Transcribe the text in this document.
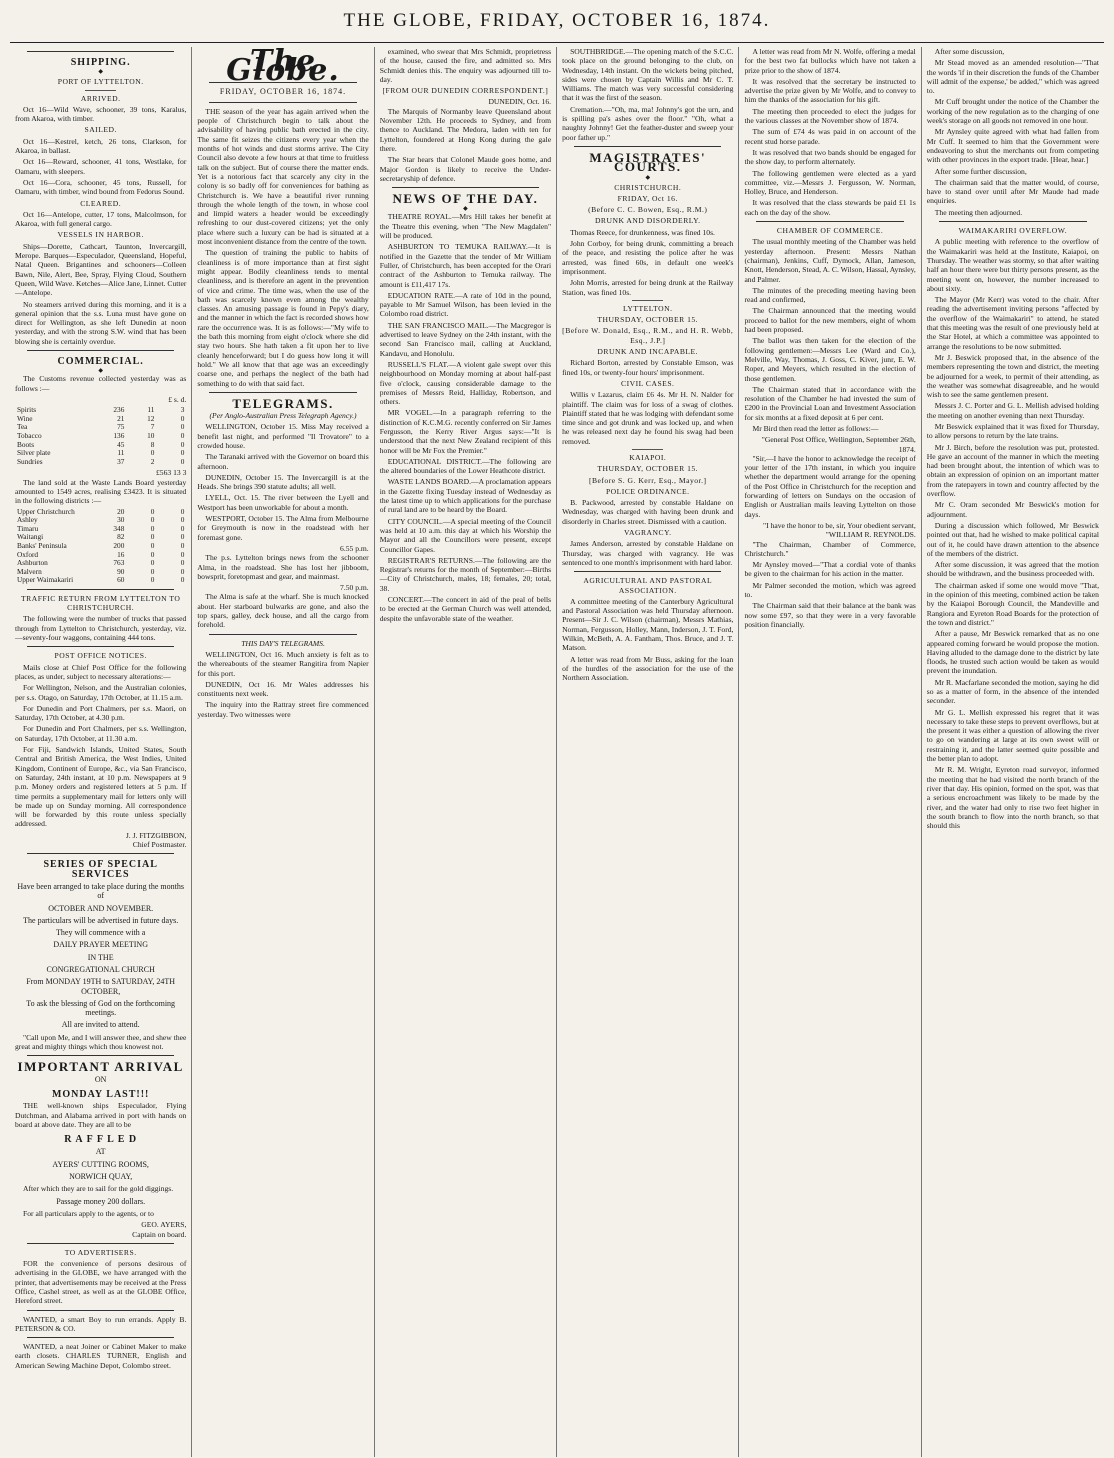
THE GLOBE, FRIDAY, OCTOBER 16, 1874.
SHIPPING.
◆
PORT OF LYTTELTON.
ARRIVED.

Oct 16—Wild Wave, schooner, 39 tons, Karalus, from Akaroa, with timber.

SAILED.

Oct 16—Kestrel, ketch, 26 tons, Clarkson, for Akaroa, in ballast.

Oct 16—Reward, schooner, 41 tons, Westlake, for Oamaru, with sleepers.

Oct 16—Cora, schooner, 45 tons, Russell, for Oamaru, with timber, wind bound from Fedorus Sound.

CLEARED.

Oct 16—Antelope, cutter, 17 tons, Malcolmson, for Akaroa, with full general cargo.

VESSELS IN HARBOR.

Ships—Dorette, Cathcart, Taunton, Invercargill, Merope. Barques—Especulador, Queensland, Hopeful, Natal Queen. Brigantines and schooners—Colleen Bawn, Nile, Alert, Bee, Spray, Flying Cloud, Southern Queen, Wild Wave. Ketches—Alice Jane, Linnet. Cutter—Antelope.

No steamers arrived during this morning, and it is a general opinion that the s.s. Luna must have gone on direct for Wellington, as she left Dunedin at noon yesterday, and with the strong S.W. wind that has been blowing she is certainly overdue.

COMMERCIAL.
◆

The Customs revenue collected yesterday was as follows :—

£ s. d.
Spirits	236	11	3
Wine	21	12	0
Tea	75	7	0
Tobacco	136	10	0
Boots	45	8	0
Silver plate	11	0	0
Sundries	37	2	0
£563 13 3

The land sold at the Waste Lands Board yesterday amounted to 1549 acres, realising £3423. It is situated in the following districts :—

Upper Christchurch	20	0	0
Ashley	30	0	0
Timaru	348	0	0
Waitangi	82	0	0
Banks' Peninsula	200	0	0
Oxford	16	0	0
Ashburton	763	0	0
Malvern	90	0	0
Upper Waimakariri	60	0	0
TRAFFIC RETURN FROM LYTTELTON TO CHRISTCHURCH.

The following were the number of trucks that passed through from Lyttelton to Christchurch, yesterday, viz.—seventy-four waggons, containing 444 tons.

POST OFFICE NOTICES.

Mails close at Chief Post Office for the following places, as under, subject to necessary alterations:—

For Wellington, Nelson, and the Australian colonies, per s.s. Otago, on Saturday, 17th October, at 11.15 a.m.

For Dunedin and Port Chalmers, per s.s. Maori, on Saturday, 17th October, at 4.30 p.m.

For Dunedin and Port Chalmers, per s.s. Wellington, on Saturday, 17th October, at 11.30 a.m.

For Fiji, Sandwich Islands, United States, South Central and British America, the West Indies, United Kingdom, Continent of Europe, &c., via San Francisco, on Saturday, 24th instant, at 10 p.m. Newspapers at 9 p.m. Money orders and registered letters at 5 p.m. If time permits a supplementary mail for letters only will be made up on Sunday morning. All correspondence will be forwarded by this route unless specially addressed.

J. J. FITZGIBBON,
Chief Postmaster.
SERIES OF SPECIAL SERVICES
Have been arranged to take place during the months of
OCTOBER AND NOVEMBER.
The particulars will be advertised in future days.
They will commence with a
DAILY PRAYER MEETING
IN THE
CONGREGATIONAL CHURCH
From MONDAY 19TH to SATURDAY, 24TH OCTOBER,
To ask the blessing of God on the forthcoming meetings.
All are invited to attend.

"Call upon Me, and I will answer thee, and shew thee great and mighty things which thou knowest not.

IMPORTANT ARRIVAL
ON
MONDAY LAST!!!

THE well-known ships Especulador, Flying Dutchman, and Alabama arrived in port with hands on board at above date. They are all to be

R A F F L E D
AT
AYERS' CUTTING ROOMS,
NORWICH QUAY,

After which they are to sail for the gold diggings.

Passage money 200 dollars.

For all particulars apply to the agents, or to

GEO. AYERS,
Captain on board.
TO ADVERTISERS.

FOR the convenience of persons desirous of advertising in the GLOBE, we have arranged with the printer, that advertisements may be received at the Press Office, Cashel street, as well as at the GLOBE Office, Hereford street.

WANTED, a smart Boy to run errands. Apply B. PETERSON & CO.

WANTED, a neat Joiner or Cabinet Maker to make earth closets. CHARLES TURNER, English and American Sewing Machine Depot, Colombo street.

The Globe.
FRIDAY, OCTOBER 16, 1874.

THE season of the year has again arrived when the people of Christchurch begin to talk about the advisability of having public bath erected in the city. The same fit seizes the citizens every year when the months of hot winds and dust storms arrive. The City Council also devote a few hours at that time to fruitless talk on the subject. But of course there the matter ends. Yet is a notorious fact that scarcely any city in the colony is so badly off for conveniences for bathing as Christchurch is. We have a beautiful river running through the whole length of the town, in whose cool and limpid waters a header would be exceedingly refreshing to our dust-covered citizens; yet the only place where such a luxury can be had is situated at a most inconvenient distance from the centre of the town.

The question of training the public to habits of cleanliness is of more importance than at first sight might appear. Bodily cleanliness tends to mental cleanliness, and is therefore an agent in the prevention of vice and crime. The time was, when the use of the bath was scarcely known even among the wealthy classes. An amusing passage is found in Pepy's diary, and the manner in which the fact is recorded shows how rare the occurrence was. It is as follows:—"My wife to the bath this morning from eight o'clock where she did stay two hours. She hath taken a fit upon her to live cleanly henceforward; but I do guess how long it will hold." We all know that that age was an exceedingly coarse one, and perhaps the neglect of the bath had something to do with that said fact.

TELEGRAMS.
(Per Anglo-Australian Press Telegraph Agency.)

WELLINGTON, October 15. Miss May received a benefit last night, and performed "Il Trovatore" to a crowded house.

The Taranaki arrived with the Governor on board this afternoon.

DUNEDIN, October 15. The Invercargill is at the Heads. She brings 390 statute adults; all well.

LYELL, Oct. 15. The river between the Lyell and Westport has been unworkable for about a month.

WESTPORT, October 15. The Alma from Melbourne for Greymouth is now in the roadstead with her foremast gone.

6.55 p.m.

The p.s. Lyttelton brings news from the schooner Alma, in the roadstead. She has lost her jibboom, bowsprit, foretopmast and gear, and mainmast.

7.50 p.m.

The Alma is safe at the wharf. She is much knocked about. Her starboard bulwarks are gone, and also the top spars, galley, deck house, and all the cargo from forehold.

THIS DAY'S TELEGRAMS.

WELLINGTON, Oct 16. Much anxiety is felt as to the whereabouts of the steamer Rangitira from Napier for this port.

DUNEDIN, Oct 16. Mr Wales addresses his constituents next week.

The inquiry into the Rattray street fire commenced yesterday. Two witnesses were

examined, who swear that Mrs Schmidt, proprietress of the house, caused the fire, and admitted so. Mrs Schmidt denies this. The enquiry was adjourned till to-day.

[FROM OUR DUNEDIN CORRESPONDENT.]
DUNEDIN, Oct. 16.

The Marquis of Normanby leave Queensland about November 12th. He proceeds to Sydney, and from thence to Auckland. The Medora, laden with ten for Lyttelton, foundered at Hong Kong during the gale there.

The Star hears that Colonel Maude goes home, and Major Gordon is likely to receive the Under-secretaryship of defence.

NEWS OF THE DAY.
◆

THEATRE ROYAL.—Mrs Hill takes her benefit at the Theatre this evening, when "The New Magdalen" will be produced.

ASHBURTON TO TEMUKA RAILWAY.—It is notified in the Gazette that the tender of Mr William Fuller, of Christchurch, has been accepted for the Orari contract of the Ashburton to Temuka railway. The amount is £11,417 17s.

EDUCATION RATE.—A rate of 10d in the pound, payable to Mr Samuel Wilson, has been levied in the Colombo road district.

THE SAN FRANCISCO MAIL.—The Macgregor is advertised to leave Sydney on the 24th instant, with the second San Francisco mail, calling at Auckland, Kandavu, and Honolulu.

RUSSELL'S FLAT.—A violent gale swept over this neighbourhood on Monday morning at about half-past five o'clock, causing considerable damage to the premises of Messrs Reid, Halliday, Robertson, and others.

MR VOGEL.—In a paragraph referring to the distinction of K.C.M.G. recently conferred on Sir James Fergusson, the Kerry River Argus says:—"It is understood that the next New Zealand recipient of this honor will be Mr Fox the Premier."

EDUCATIONAL DISTRICT.—The following are the altered boundaries of the Lower Heathcote district.

WASTE LANDS BOARD.—A proclamation appears in the Gazette fixing Tuesday instead of Wednesday as the latest time up to which applications for the purchase of rural land are to be heard by the Board.

CITY COUNCIL.—A special meeting of the Council was held at 10 a.m. this day at which his Worship the Mayor and all the Councillors were present, except Councillor Gapes.

REGISTRAR'S RETURNS.—The following are the Registrar's returns for the month of September:—Births—City of Christchurch, males, 18; females, 20; total, 38.

CONCERT.—The concert in aid of the peal of bells to be erected at the German Church was well attended, despite the unfavorable state of the weather.

SOUTHBRIDGE.—The opening match of the S.C.C. took place on the ground belonging to the club, on Wednesday, 14th instant. On the wickets being pitched, sides were chosen by Captain Willis and Mr C. T. Williams. The match was very successful considering that it was the first of the season.

Cremation.—"Oh, ma, ma! Johnny's got the urn, and is spilling pa's ashes over the floor." "Oh, what a naughty Johnny! Get the feather-duster and sweep your poor father up."

MAGISTRATES' COURTS.
◆
CHRISTCHURCH.
FRIDAY, Oct 16.
(Before C. C. Bowen, Esq., R.M.)
DRUNK AND DISORDERLY.

Thomas Reece, for drunkenness, was fined 10s.

John Corboy, for being drunk, committing a breach of the peace, and resisting the police after he was arrested, was fined 60s, in default one week's imprisonment.

John Morris, arrested for being drunk at the Railway Station, was fined 10s.

LYTTELTON.
THURSDAY, OCTOBER 15.
[Before W. Donald, Esq., R.M., and H. R. Webb, Esq., J.P.]
DRUNK AND INCAPABLE.

Richard Borton, arrested by Constable Emson, was fined 10s, or twenty-four hours' imprisonment.

CIVIL CASES.

Willis v Lazarus, claim £6 4s. Mr H. N. Nalder for plaintiff. The claim was for loss of a swag of clothes. Plaintiff stated that he was lodging with defendant some time since and got drunk and was locked up, and when he was released next day he found his swag had been removed.

KAIAPOI.
THURSDAY, OCTOBER 15.
[Before S. G. Kerr, Esq., Mayor.]
POLICE ORDINANCE.

B. Packwood, arrested by constable Haldane on Wednesday, was charged with having been drunk and disorderly in Charles street. Dismissed with a caution.

VAGRANCY.

James Anderson, arrested by constable Haldane on Thursday, was charged with vagrancy. He was sentenced to one month's imprisonment with hard labor.

AGRICULTURAL AND PASTORAL ASSOCIATION.

A committee meeting of the Canterbury Agricultural and Pastoral Association was held Thursday afternoon. Present—Sir J. C. Wilson (chairman), Messrs Mathias, Norman, Fergusson, Holley, Mann, Inderson, J. T. Ford, Wilkin, McBeth, A. A. Fantham, Thos. Bruce, and J. T. Matson.

A letter was read from Mr Buss, asking for the loan of the hurdles of the association for the use of the Northern Association.

A letter was read from Mr N. Wolfe, offering a medal for the best two fat bullocks which have not taken a prize prior to the show of 1874.

It was resolved that the secretary be instructed to advertise the prize given by Mr Wolfe, and to convey to him the thanks of the association for his gift.

The meeting then proceeded to elect the judges for the various classes at the November show of 1874.

The sum of £74 4s was paid in on account of the recent stud horse parade.

It was resolved that two bands should be engaged for the show day, to perform alternately.

The following gentlemen were elected as a yard committee, viz.—Messrs J. Fergusson, W. Norman, Holley, Bruce, and Henderson.

It was resolved that the class stewards be paid £1 1s each on the day of the show.

CHAMBER OF COMMERCE.

The usual monthly meeting of the Chamber was held yesterday afternoon. Present: Messrs Nathan (chairman), Jenkins, Cuff, Dymock, Allan, Jameson, Knott, Henderson, Stead, A. C. Wilson, Hassal, Aynsley, and Palmer.

The minutes of the preceding meeting having been read and confirmed,

The Chairman announced that the meeting would proceed to ballot for the new members, eight of whom had been proposed.

The ballot was then taken for the election of the following gentlemen:—Messrs Lee (Ward and Co.), Melville, Way, Thomas, J. Goss, C. Kiver, junr, E. W. Roper, and Meyers, which resulted in the election of those gentlemen.

The Chairman stated that in accordance with the resolution of the Chamber he had invested the sum of £200 in the Provincial Loan and Investment Association for six months at a fixed deposit at 6 per cent.

Mr Bird then read the letter as follows:—

"General Post Office, Wellington, September 26th, 1874.

"Sir,—I have the honor to acknowledge the receipt of your letter of the 17th instant, in which you inquire whether the department would arrange for the opening of the Post Office in Christchurch for the reception and forwarding of letters on Sundays on the occasion of English or Australian mails leaving Lyttelton on those days.

"I have the honor to be, sir, Your obedient servant, "WILLIAM R. REYNOLDS.

"The Chairman, Chamber of Commerce, Christchurch."

Mr Aynsley moved—"That a cordial vote of thanks be given to the chairman for his action in the matter.

Mr Palmer seconded the motion, which was agreed to.

The Chairman said that their balance at the bank was now some £97, so that they were in a very favorable position financially.

After some discussion,

Mr Stead moved as an amended resolution—"That the words 'if in their discretion the funds of the Chamber will admit of the expense,' be added," which was agreed to.

Mr Cuff brought under the notice of the Chamber the working of the new regulation as to the charging of one week's storage on all goods not removed in one hour.

Mr Aynsley quite agreed with what had fallen from Mr Cuff. It seemed to him that the Government were endeavoring to shut the merchants out from competing with other provinces in the export trade. [Hear, hear.]

After some further discussion,

The chairman said that the matter would, of course, have to stand over until after Mr Maude had made enquiries.

The meeting then adjourned.

WAIMAKARIRI OVERFLOW.

A public meeting with reference to the overflow of the Waimakariri was held at the Institute, Kaiapoi, on Thursday. The weather was stormy, so that after waiting half an hour there were but thirty persons present, as the meeting went on, however, the number increased to about sixty.

The Mayor (Mr Kerr) was voted to the chair. After reading the advertisement inviting persons "affected by the overflow of the Waimakariri" to attend, he stated that this meeting was the result of one previously held at the Star Hotel, at which a committee was appointed to arrange the resolutions to be now submitted.

Mr J. Beswick proposed that, in the absence of the members representing the town and district, the meeting be adjourned for a week, to permit of their attending, as the weather was somewhat disagreeable, and he would wish to see the same gentlemen present.

Messrs J. C. Porter and G. L. Mellish advised holding the meeting on another evening than next Thursday.

Mr Beswick explained that it was fixed for Thursday, to allow persons to return by the late trains.

Mr J. Birch, before the resolution was put, protested. He gave an account of the manner in which the meeting had been brought about, the intention of which was to obtain an expression of opinion on an important matter from the ratepayers in town and country affected by the overflow.

Mr C. Oram seconded Mr Beswick's motion for adjournment.

During a discussion which followed, Mr Beswick pointed out that, had he wished to make political capital out of it, he could have drawn attention to the absence of the members of the district.

After some discussion, it was agreed that the motion should be withdrawn, and the business proceeded with.

The chairman asked if some one would move "That, in the opinion of this meeting, combined action be taken by the Kaiapoi Borough Council, the Mandeville and Rangiora and Eyreton Road Boards for the protection of the town and district."

After a pause, Mr Beswick remarked that as no one appeared coming forward he would propose the motion. Having alluded to the damage done to the district by late floods, he trusted such action would be taken as would prevent the inundation.

Mr R. Macfarlane seconded the motion, saying he did so as a matter of form, in the absence of the intended seconder.

Mr G. L. Mellish expressed his regret that it was necessary to take these steps to prevent overflows, but at the present it was either a question of allowing the river to go on wandering at large at its own sweet will or restraining it, and the latter seemed quite possible and the better plan to adopt.

Mr R. M. Wright, Eyreton road surveyor, informed the meeting that he had visited the north branch of the river that day. His opinion, formed on the spot, was that a serious encroachment was likely to be made by the river, and the water had only to rise two feet higher in the south branch to flow into the north branch, so that should this
